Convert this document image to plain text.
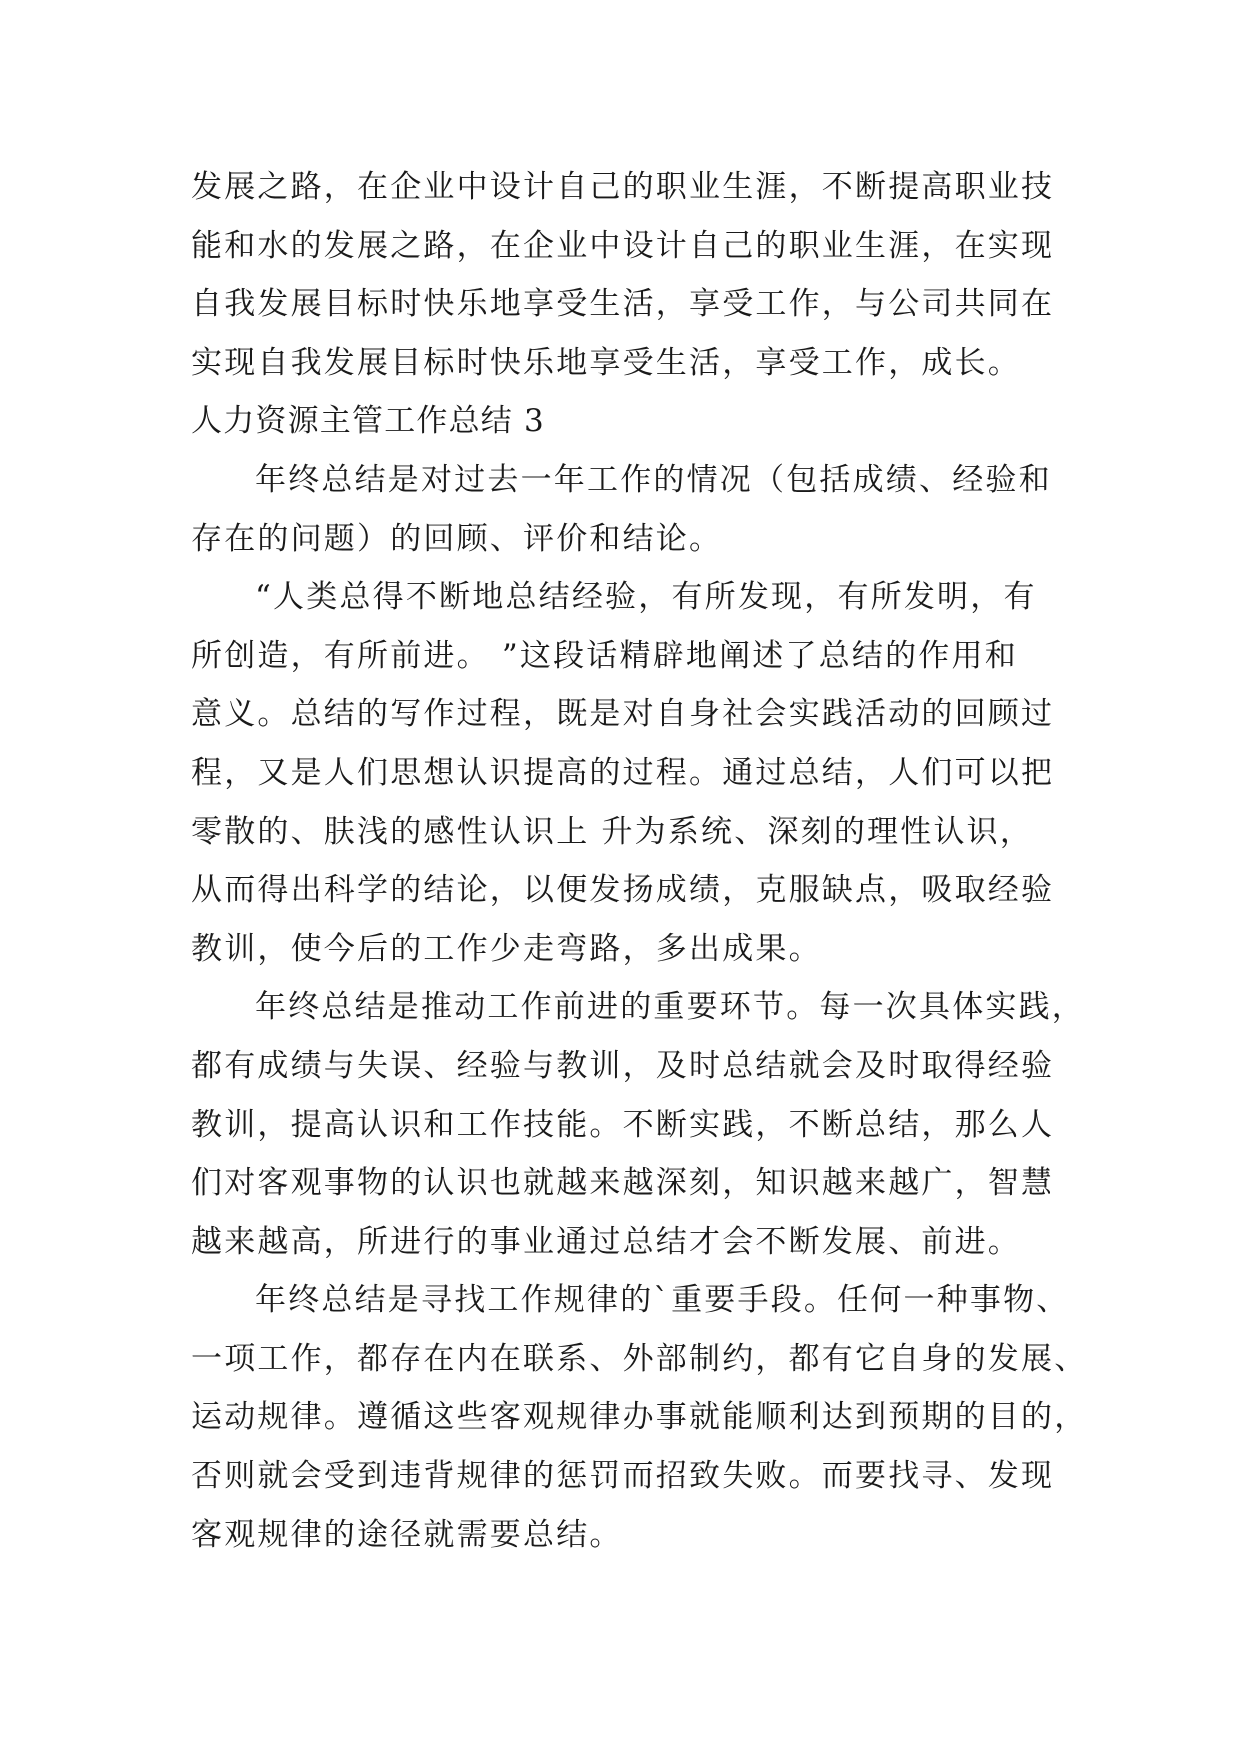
发展之路，在企业中设计自己的职业生涯，不断提高职业技
能和水的发展之路，在企业中设计自己的职业生涯，在实现
自我发展目标时快乐地享受生活，享受工作，与公司共同在
实现自我发展目标时快乐地享受生活，享受工作，成长。
人力资源主管工作总结 3
年终总结是对过去一年工作的情况（包括成绩、经验和
存在的问题）的回顾、评价和结论。
“人类总得不断地总结经验，有所发现，有所发明，有
所创造，有所前进。 ”这段话精辟地阐述了总结的作用和
意义。总结的写作过程，既是对自身社会实践活动的回顾过
程，又是人们思想认识提高的过程。通过总结，人们可以把
零散的、肤浅的感性认识上 升为系统、深刻的理性认识，
从而得出科学的结论，以便发扬成绩，克服缺点，吸取经验
教训，使今后的工作少走弯路，多出成果。
年终总结是推动工作前进的重要环节。每一次具体实践，
都有成绩与失误、经验与教训，及时总结就会及时取得经验
教训，提高认识和工作技能。不断实践，不断总结，那么人
们对客观事物的认识也就越来越深刻，知识越来越广，智慧
越来越高，所进行的事业通过总结才会不断发展、前进。
年终总结是寻找工作规律的`重要手段。任何一种事物、
一项工作，都存在内在联系、外部制约，都有它自身的发展、
运动规律。遵循这些客观规律办事就能顺利达到预期的目的，
否则就会受到违背规律的惩罚而招致失败。而要找寻、发现
客观规律的途径就需要总结。
